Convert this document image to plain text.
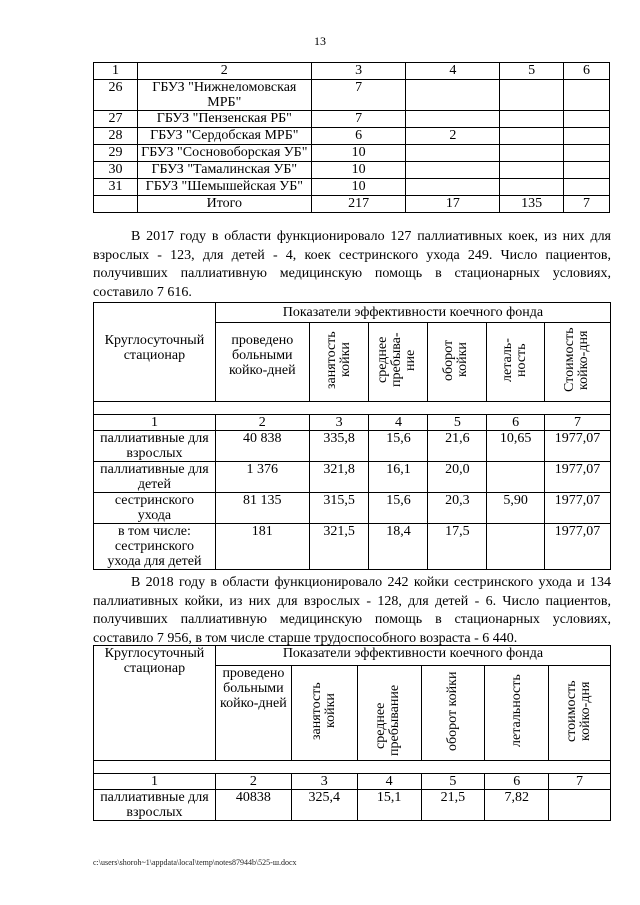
13
1	2	3	4	5	6
26	ГБУЗ "Нижнеломовская МРБ"	7			
27	ГБУЗ "Пензенская РБ"	7			
28	ГБУЗ "Сердобская МРБ"	6	2		
29	ГБУЗ "Сосновоборская УБ"	10			
30	ГБУЗ "Тамалинская УБ"	10			
31	ГБУЗ "Шемышейская УБ"	10			
	Итого	217	17	135	7

В 2017 году в области функционировало 127 паллиативных коек, из них для взрослых - 123, для детей - 4, коек сестринского ухода 249. Число пациентов, получивших паллиативную медицинскую помощь в стационарных условиях, составило 7 616.

Круглосуточный стационар	Показатели эффективности коечного фонда					
	проведено больными койко-дней	занятость койки	среднее пребыва-ние	оборот койки	леталь-ность	Стоимость койко-дня

1	2	3	4	5	6	7
паллиативные для взрослых	40 838	335,8	15,6	21,6	10,65	1977,07
паллиативные для детей	1 376	321,8	16,1	20,0		1977,07
сестринского ухода	81 135	315,5	15,6	20,3	5,90	1977,07
в том числе: сестринского ухода для детей	181	321,5	18,4	17,5		1977,07

В 2018 году в области функционировало 242 койки сестринского ухода и 134 паллиативных койки, из них для взрослых - 128, для детей - 6. Число пациентов, получивших паллиативную медицинскую помощь в стационарных условиях, составило 7 956, в том числе старше трудоспособного возраста - 6 440.

Круглосуточный стационар	Показатели эффективности коечного фонда					
	проведено больными койко-дней	занятость койки	среднее пребывание	оборот койки	летальность	стоимость койко-дня

1	2	3	4	5	6	7
паллиативные для взрослых	40838	325,4	15,1	21,5	7,82	
c:\users\shoroh~1\appdata\local\temp\notes87944b\525-ш.docx
